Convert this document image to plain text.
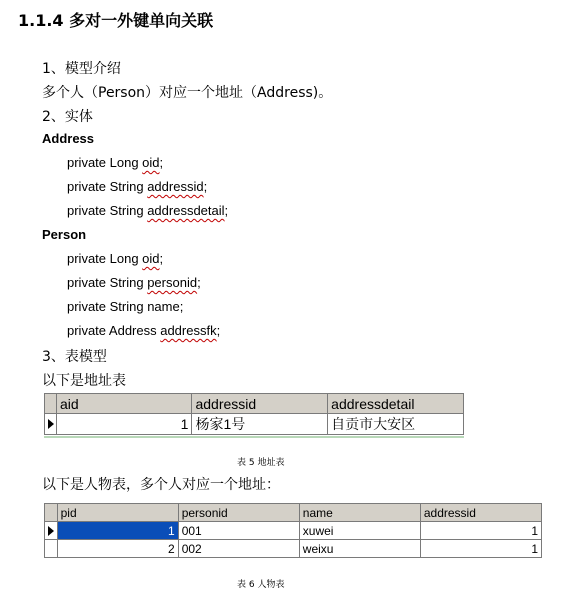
1.1.4 多对一外键单向关联
1、模型介绍
多个人（Person）对应一个地址（Address)。
2、实体
Address
private Long oid;
private String addressid;
private String addressdetail;
Person
private Long oid;
private String personid;
private String name;
private Address addressfk;
3、表模型
以下是地址表
	aid	addressid	addressdetail

	1	杨家1号	自贡市大安区
表 5 地址表
以下是人物表，多个人对应一个地址：
	pid	personid	name	addressid

	1	001	xuwei	1
	2	002	weixu	1
表 6 人物表
